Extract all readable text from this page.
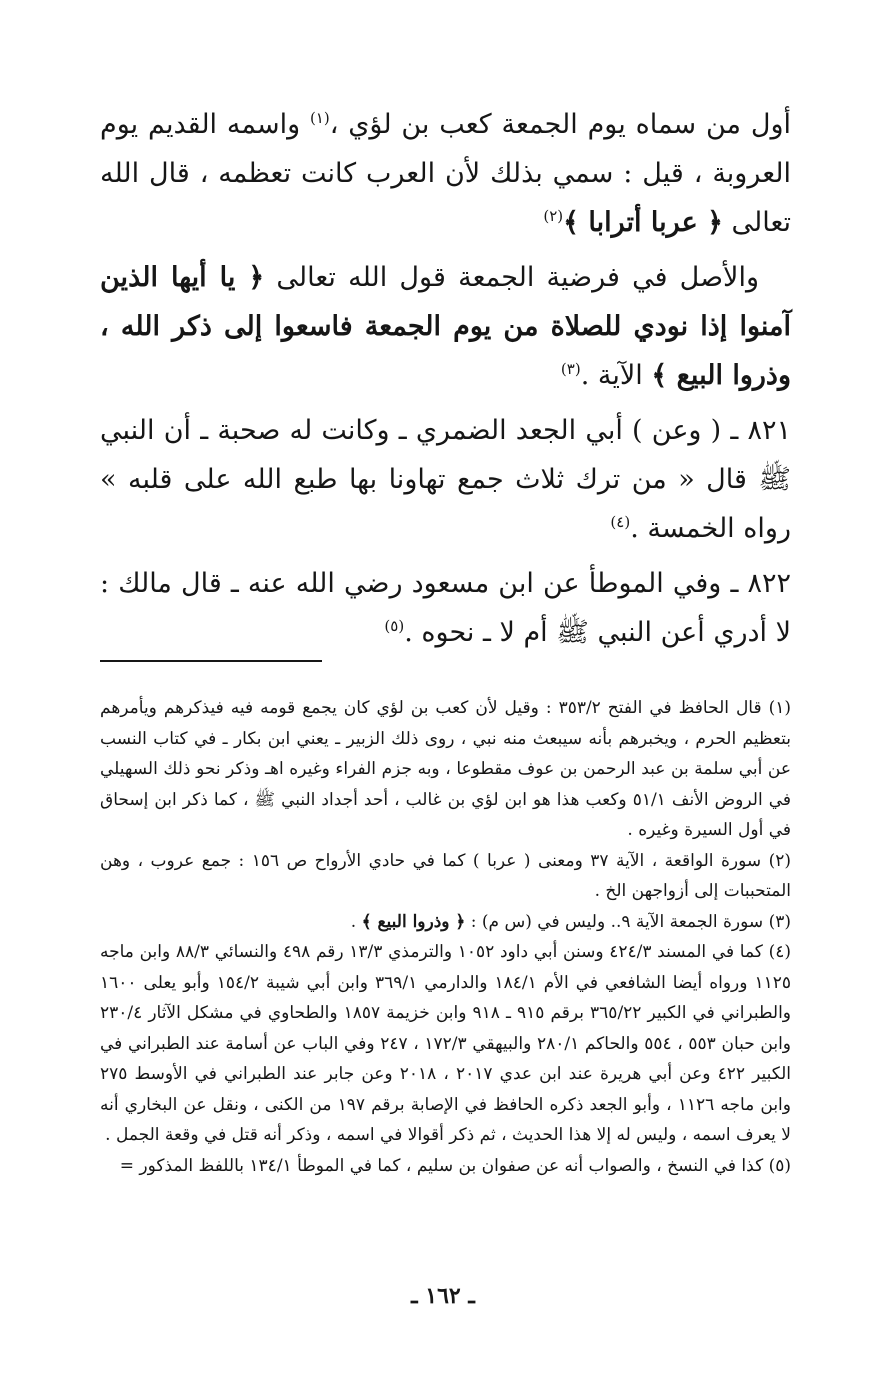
أول من سماه يوم الجمعة كعب بن لؤي ،$^{(١)}$ واسمه القديم يوم العروبة ، قيل : سمي بذلك لأن العرب كانت تعظمه ، قال الله تعالى ﴿ عربا أترابا ﴾$^{(٢)}$

والأصل في فرضية الجمعة قول الله تعالى ﴿ يا أيها الذين آمنوا إذا نودي للصلاة من يوم الجمعة فاسعوا إلى ذكر الله ، وذروا البيع ﴾ الآية .$^{(٣)}$

٨٢١ ـ ( وعن ) أبي الجعد الضمري ـ وكانت له صحبة ـ أن النبي ﷺ قال « من ترك ثلاث جمع تهاونا بها طبع الله على قلبه » رواه الخمسة .$^{(٤)}$

٨٢٢ ـ وفي الموطأ عن ابن مسعود رضي الله عنه ـ قال مالك : لا أدري أعن النبي ﷺ أم لا ـ نحوه .$^{(٥)}$

(١) قال الحافظ في الفتح ٣٥٣/٢ : وقيل لأن كعب بن لؤي كان يجمع قومه فيه فيذكرهم ويأمرهم بتعظيم الحرم ، ويخبرهم بأنه سيبعث منه نبي ، روى ذلك الزبير ـ يعني ابن بكار ـ في كتاب النسب عن أبي سلمة بن عبد الرحمن بن عوف مقطوعا ، وبه جزم الفراء وغيره اهـ وذكر نحو ذلك السهيلي في الروض الأنف ٥١/١ وكعب هذا هو ابن لؤي بن غالب ، أحد أجداد النبي ﷺ ، كما ذكر ابن إسحاق في أول السيرة وغيره .

(٢) سورة الواقعة ، الآية ٣٧ ومعنى ( عربا ) كما في حادي الأرواح ص ١٥٦ : جمع عروب ، وهن المتحببات إلى أزواجهن الخ .

(٣) سورة الجمعة الآية ٩.. وليس في (س م) : ﴿ وذروا البيع ﴾ .

(٤) كما في المسند ٤٢٤/٣ وسنن أبي داود ١٠٥٢ والترمذي ١٣/٣ رقم ٤٩٨ والنسائي ٨٨/٣ وابن ماجه ١١٢٥ ورواه أيضا الشافعي في الأم ١٨٤/١ والدارمي ٣٦٩/١ وابن أبي شيبة ١٥٤/٢ وأبو يعلى ١٦٠٠ والطبراني في الكبير ٣٦٥/٢٢ برقم ٩١٥ ـ ٩١٨ وابن خزيمة ١٨٥٧ والطحاوي في مشكل الآثار ٢٣٠/٤ وابن حبان ٥٥٣ ، ٥٥٤ والحاكم ٢٨٠/١ والبيهقي ١٧٢/٣ ، ٢٤٧ وفي الباب عن أسامة عند الطبراني في الكبير ٤٢٢ وعن أبي هريرة عند ابن عدي ٢٠١٧ ، ٢٠١٨ وعن جابر عند الطبراني في الأوسط ٢٧٥ وابن ماجه ١١٢٦ ، وأبو الجعد ذكره الحافظ في الإصابة برقم ١٩٧ من الكنى ، ونقل عن البخاري أنه لا يعرف اسمه ، وليس له إلا هذا الحديث ، ثم ذكر أقوالا في اسمه ، وذكر أنه قتل في وقعة الجمل .

(٥) كذا في النسخ ، والصواب أنه عن صفوان بن سليم ، كما في الموطأ ١٣٤/١ باللفظ المذكور =

ـ ١٦٢ ـ
